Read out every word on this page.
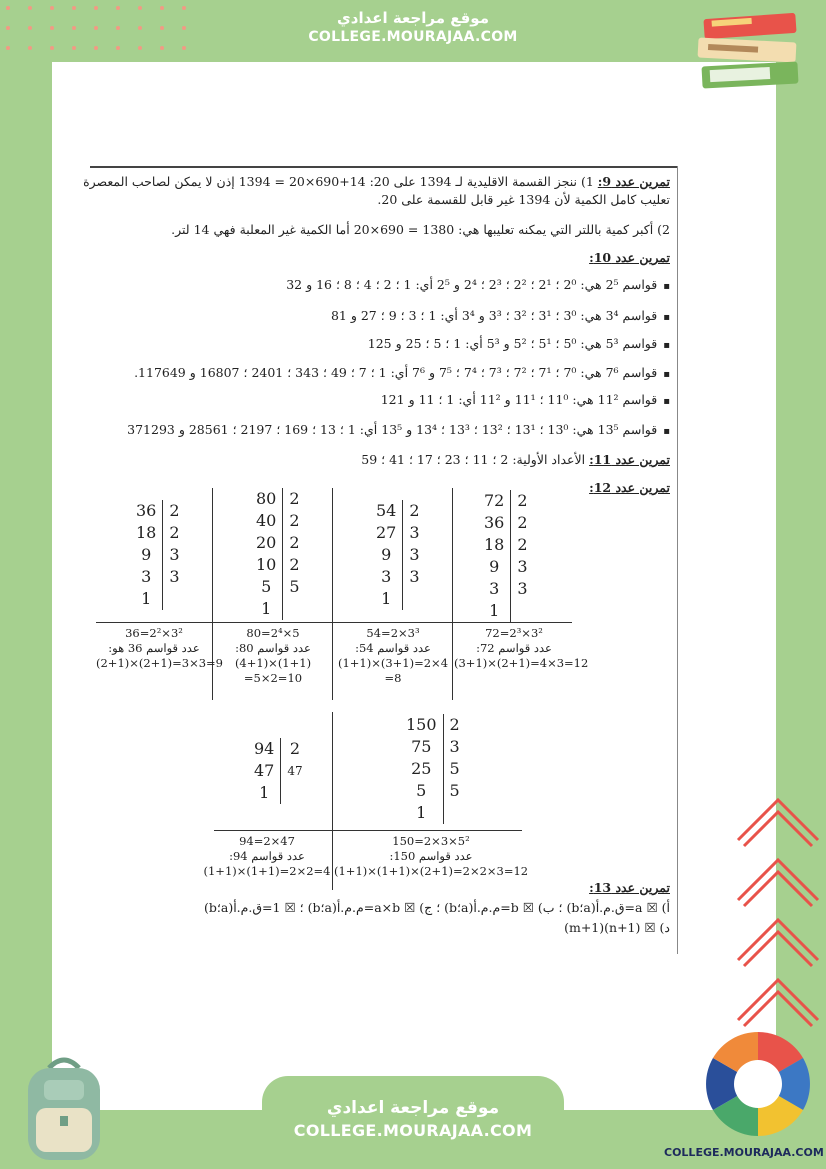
موقع مراجعة اعدادي
COLLEGE.MOURAJAA.COM
COLLEGE.MOURAJAA.COM
موقع مراجعة اعدادي
COLLEGE.MOURAJAA.COM
تمرين عدد 9: 1) ننجز القسمة الاقليدية لـ 1394 على 20: 14+690×20 = 1394 إذن لا يمكن لصاحب المعصرة
تعليب كامل الكمية لأن 1394 غير قابل للقسمة على 20.
2) أكبر كمية باللتر التي يمكنه تعليبها هي: 1380 = 690×20 أما الكمية غير المعلبة فهي 14 لتر.
تمرين عدد 10:
▪ قواسم 2⁵ هي: 2⁰ ؛ 2¹ ؛ 2² ؛ 2³ ؛ 2⁴ و 2⁵ أي: 1 ؛ 2 ؛ 4 ؛ 8 ؛ 16 و 32
▪ قواسم 3⁴ هي: 3⁰ ؛ 3¹ ؛ 3² ؛ 3³ و 3⁴ أي: 1 ؛ 3 ؛ 9 ؛ 27 و 81
▪ قواسم 5³ هي: 5⁰ ؛ 5¹ ؛ 5² و 5³ أي: 1 ؛ 5 ؛ 25 و 125
▪ قواسم 7⁶ هي: 7⁰ ؛ 7¹ ؛ 7² ؛ 7³ ؛ 7⁴ ؛ 7⁵ و 7⁶ أي: 1 ؛ 7 ؛ 49 ؛ 343 ؛ 2401 ؛ 16807 و 117649.
▪ قواسم 11² هي: 11⁰ ؛ 11¹ و 11² أي: 1 ؛ 11 و 121
▪ قواسم 13⁵ هي: 13⁰ ؛ 13¹ ؛ 13² ؛ 13³ ؛ 13⁴ و 13⁵ أي: 1 ؛ 13 ؛ 169 ؛ 2197 ؛ 28561 و 371293
تمرين عدد 11: الأعداد الأولية: 2 ؛ 11 ؛ 23 ؛ 17 ؛ 41 ؛ 59
تمرين عدد 12:
36	2
18	2
9	3
3	3
1	
80	2
40	2
20	2
10	2
5	5
1	
54	2
27	3
9	3
3	3
1	
72	2
36	2
18	2
9	3
3	3
1	
36=2²×3²
عدد قواسم 36 هو:
(2+1)×(2+1)=3×3=9
80=2⁴×5
عدد قواسم 80:
(4+1)×(1+1)
=5×2=10
54=2×3³
عدد قواسم 54:
(1+1)×(3+1)=2×4
=8
72=2³×3²
عدد قواسم 72:
(3+1)×(2+1)=4×3=12
94	2
47	47
1	
150	2
75	3
25	5
5	5
1	
94=2×47
عدد قواسم 94:
(1+1)×(1+1)=2×2=4
150=2×3×5²
عدد قواسم 150:
(1+1)×(1+1)×(2+1)=2×2×3=12
تمرين عدد 13:
أ) ☒ a=ق.م.أ(a؛b) ؛ ب) ☒ b=م.م.أ(a؛b) ؛ ج) ☒ a×b=م.م.أ(a؛b) ؛ ☒ 1=ق.م.أ(a؛b)
د) ☒ (n+1)(m+1)
